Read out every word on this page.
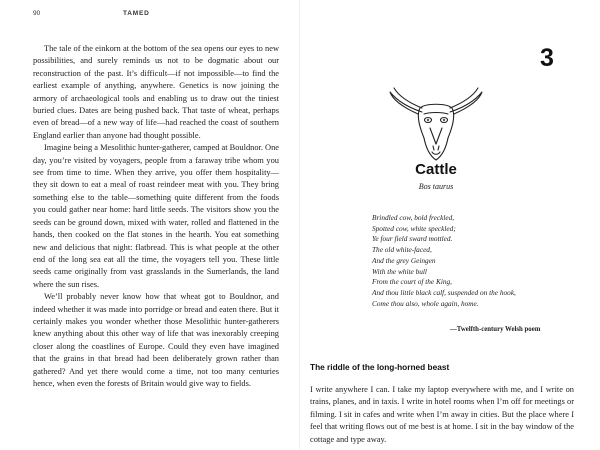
90	TAMED

The tale of the einkorn at the bottom of the sea opens our eyes to new possibilities, and surely reminds us not to be dogmatic about our reconstruction of the past. It’s difficult—if not impossible—to find the earliest example of anything, anywhere. Genetics is now joining the armory of archaeological tools and enabling us to draw out the tiniest buried clues. Dates are being pushed back. That taste of wheat, perhaps even of bread—of a new way of life—had reached the coast of southern England earlier than anyone had thought possible.

Imagine being a Mesolithic hunter-gatherer, camped at Bouldnor. One day, you’re visited by voyagers, people from a faraway tribe whom you see from time to time. When they arrive, you offer them hospitality—they sit down to eat a meal of roast reindeer meat with you. They bring something else to the table—something quite different from the foods you could gather near home: hard little seeds. The visitors show you the seeds can be ground down, mixed with water, rolled and flattened in the hands, then cooked on the flat stones in the hearth. You eat something new and delicious that night: flatbread. This is what people at the other end of the long sea eat all the time, the voyagers tell you. These little seeds came originally from vast grasslands in the Sumerlands, the land where the sun rises.

We’ll probably never know how that wheat got to Bouldnor, and indeed whether it was made into porridge or bread and eaten there. But it certainly makes you wonder whether those Mesolithic hunter-gatherers knew anything about this other way of life that was inexorably creeping closer along the coastlines of Europe. Could they even have imagined that the grains in that bread had been deliberately grown rather than gathered? And yet there would come a time, not too many centuries hence, when even the forests of Britain would give way to fields.

3
Cattle
Bos taurus
Brindled cow, bold freckled,
Spotted cow, white speckled;
Ye four field sward mottled.
The old white-faced,
And the grey Geingen
With the white bull
From the court of the King,
And thou little black calf, suspended on the hook,
Come thou also, whole again, home.
—Twelfth-century Welsh poem
The riddle of the long-horned beast

I write anywhere I can. I take my laptop everywhere with me, and I write on trains, planes, and in taxis. I write in hotel rooms when I’m off for meetings or filming. I sit in cafes and write when I’m away in cities. But the place where I feel that writing flows out of me best is at home. I sit in the bay window of the cottage and type away.
